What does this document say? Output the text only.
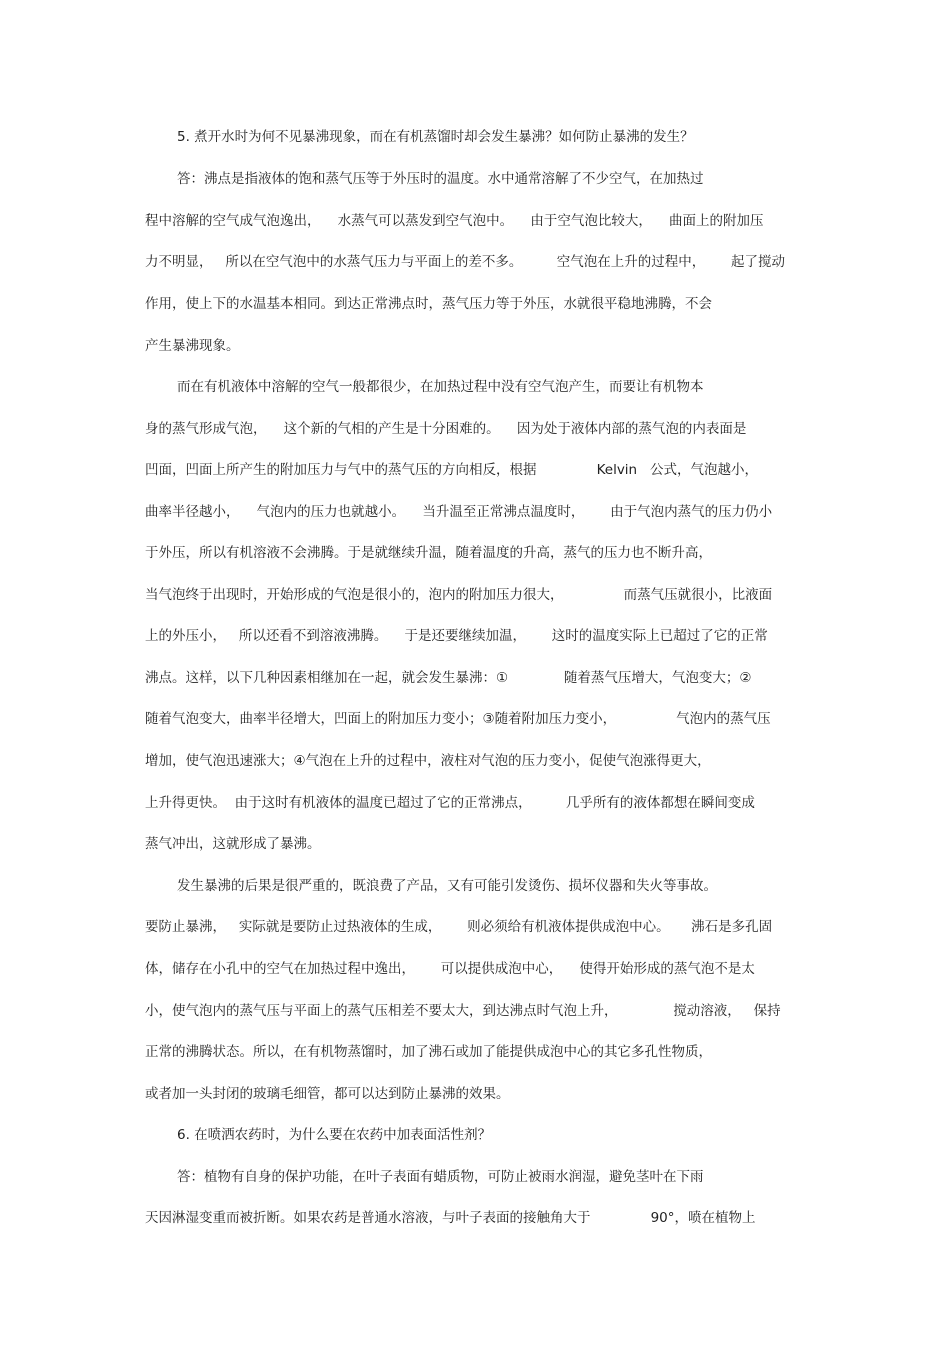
5. 煮开水时为何不见暴沸现象，而在有机蒸馏时却会发生暴沸？如何防止暴沸的发生？
答：沸点是指液体的饱和蒸气压等于外压时的温度。水中通常溶解了不少空气，在加热过
程中溶解的空气成气泡逸出，    水蒸气可以蒸发到空气泡中。    由于空气泡比较大，    曲面上的附加压
力不明显，   所以在空气泡中的水蒸气压力与平面上的差不多。        空气泡在上升的过程中，      起了搅动
作用，使上下的水温基本相同。到达正常沸点时，蒸气压力等于外压，水就很平稳地沸腾，不会
产生暴沸现象。
而在有机液体中溶解的空气一般都很少，在加热过程中没有空气泡产生，而要让有机物本
身的蒸气形成气泡，    这个新的气相的产生是十分困难的。    因为处于液体内部的蒸气泡的内表面是
凹面，凹面上所产生的附加压力与气中的蒸气压的方向相反，根据              Kelvin   公式，气泡越小，
曲率半径越小，    气泡内的压力也就越小。    当升温至正常沸点温度时，      由于气泡内蒸气的压力仍小
于外压，所以有机溶液不会沸腾。于是就继续升温，随着温度的升高，蒸气的压力也不断升高，
当气泡终于出现时，开始形成的气泡是很小的，泡内的附加压力很大，              而蒸气压就很小，比液面
上的外压小，   所以还看不到溶液沸腾。    于是还要继续加温，      这时的温度实际上已超过了它的正常
沸点。这样，以下几种因素相继加在一起，就会发生暴沸：①             随着蒸气压增大，气泡变大；②
随着气泡变大，曲率半径增大，凹面上的附加压力变小；③随着附加压力变小，              气泡内的蒸气压
增加，使气泡迅速涨大；④气泡在上升的过程中，液柱对气泡的压力变小，促使气泡涨得更大，
上升得更快。  由于这时有机液体的温度已超过了它的正常沸点，        几乎所有的液体都想在瞬间变成
蒸气冲出，这就形成了暴沸。
发生暴沸的后果是很严重的，既浪费了产品，又有可能引发烫伤、损坏仪器和失火等事故。
要防止暴沸，   实际就是要防止过热液体的生成，      则必须给有机液体提供成泡中心。     沸石是多孔固
体，储存在小孔中的空气在加热过程中逸出，      可以提供成泡中心，    使得开始形成的蒸气泡不是太
小，使气泡内的蒸气压与平面上的蒸气压相差不要太大，到达沸点时气泡上升，             搅动溶液，   保持
正常的沸腾状态。所以，在有机物蒸馏时，加了沸石或加了能提供成泡中心的其它多孔性物质，
或者加一头封闭的玻璃毛细管，都可以达到防止暴沸的效果。
6. 在喷洒农药时，为什么要在农药中加表面活性剂？
答：植物有自身的保护功能，在叶子表面有蜡质物，可防止被雨水润湿，避免茎叶在下雨
天因淋湿变重而被折断。如果农药是普通水溶液，与叶子表面的接触角大于              90°，喷在植物上
